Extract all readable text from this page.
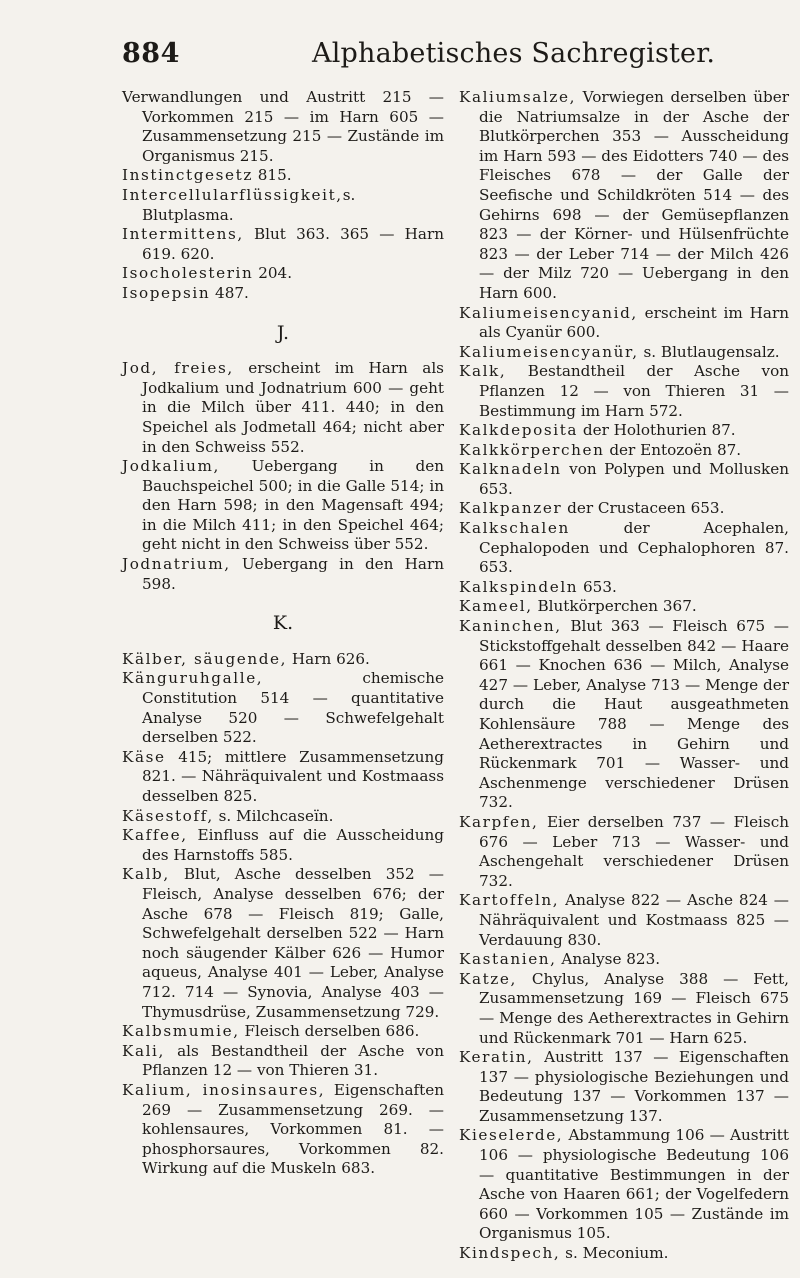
884	Alphabetisches Sachregister.

Verwandlungen und Austritt 215 — Vorkommen 215 — im Harn 605 — Zusammensetzung 215 — Zustände im Organismus 215.

Instinctgesetz 815.

Intercellularflüssigkeit,s. Blutplasma.

Intermittens, Blut 363. 365 — Harn 619. 620.

Isocholesterin 204.

Isopepsin 487.

J.

Jod, freies, erscheint im Harn als Jodkalium und Jodnatrium 600 — geht in die Milch über 411. 440; in den Speichel als Jodmetall 464; nicht aber in den Schweiss 552.

Jodkalium, Uebergang in den Bauchspeichel 500; in die Galle 514; in den Harn 598; in den Magensaft 494; in die Milch 411; in den Speichel 464; geht nicht in den Schweiss über 552.

Jodnatrium, Uebergang in den Harn 598.

K.

Kälber, säugende, Harn 626.

Känguruhgalle, chemische Constitution 514 — quantitative Analyse 520 — Schwefelgehalt derselben 522.

Käse 415; mittlere Zusammensetzung 821. — Nähräquivalent und Kostmaass desselben 825.

Käsestoff, s. Milchcaseïn.

Kaffee, Einfluss auf die Ausscheidung des Harnstoffs 585.

Kalb, Blut, Asche desselben 352 — Fleisch, Analyse desselben 676; der Asche 678 — Fleisch 819; Galle, Schwefelgehalt derselben 522 — Harn noch säugender Kälber 626 — Humor aqueus, Analyse 401 — Leber, Analyse 712. 714 — Synovia, Analyse 403 — Thymusdrüse, Zusammensetzung 729.

Kalbsmumie, Fleisch derselben 686.

Kali, als Bestandtheil der Asche von Pflanzen 12 — von Thieren 31.

Kalium, inosinsaures, Eigenschaften 269 — Zusammensetzung 269. — kohlensaures, Vorkommen 81. — phosphorsaures, Vorkommen 82. Wirkung auf die Muskeln 683.

Kaliumsalze, Vorwiegen derselben über die Natriumsalze in der Asche der Blutkörperchen 353 — Ausscheidung im Harn 593 — des Eidotters 740 — des Fleisches 678 — der Galle der Seefische und Schildkröten 514 — des Gehirns 698 — der Gemüsepflanzen 823 — der Körner- und Hülsenfrüchte 823 — der Leber 714 — der Milch 426 — der Milz 720 — Uebergang in den Harn 600.

Kaliumeisencyanid, erscheint im Harn als Cyanür 600.

Kaliumeisencyanür, s. Blutlaugensalz.

Kalk, Bestandtheil der Asche von Pflanzen 12 — von Thieren 31 — Bestimmung im Harn 572.

Kalkdeposita der Holothurien 87.

Kalkkörperchen der Entozoën 87.

Kalknadeln von Polypen und Mollusken 653.

Kalkpanzer der Crustaceen 653.

Kalkschalen der Acephalen, Cephalopoden und Cephalophoren 87. 653.

Kalkspindeln 653.

Kameel, Blutkörperchen 367.

Kaninchen, Blut 363 — Fleisch 675 — Stickstoffgehalt desselben 842 — Haare 661 — Knochen 636 — Milch, Analyse 427 — Leber, Analyse 713 — Menge der durch die Haut ausgeathmeten Kohlensäure 788 — Menge des Aetherextractes in Gehirn und Rückenmark 701 — Wasser- und Aschenmenge verschiedener Drüsen 732.

Karpfen, Eier derselben 737 — Fleisch 676 — Leber 713 — Wasser- und Aschengehalt verschiedener Drüsen 732.

Kartoffeln, Analyse 822 — Asche 824 — Nähräquivalent und Kostmaass 825 — Verdauung 830.

Kastanien, Analyse 823.

Katze, Chylus, Analyse 388 — Fett, Zusammensetzung 169 — Fleisch 675 — Menge des Aetherextractes in Gehirn und Rückenmark 701 — Harn 625.

Keratin, Austritt 137 — Eigenschaften 137 — physiologische Beziehungen und Bedeutung 137 — Vorkommen 137 — Zusammensetzung 137.

Kieselerde, Abstammung 106 — Austritt 106 — physiologische Bedeutung 106 — quantitative Bestimmungen in der Asche von Haaren 661; der Vogelfedern 660 — Vorkommen 105 — Zustände im Organismus 105.

Kindspech, s. Meconium.
